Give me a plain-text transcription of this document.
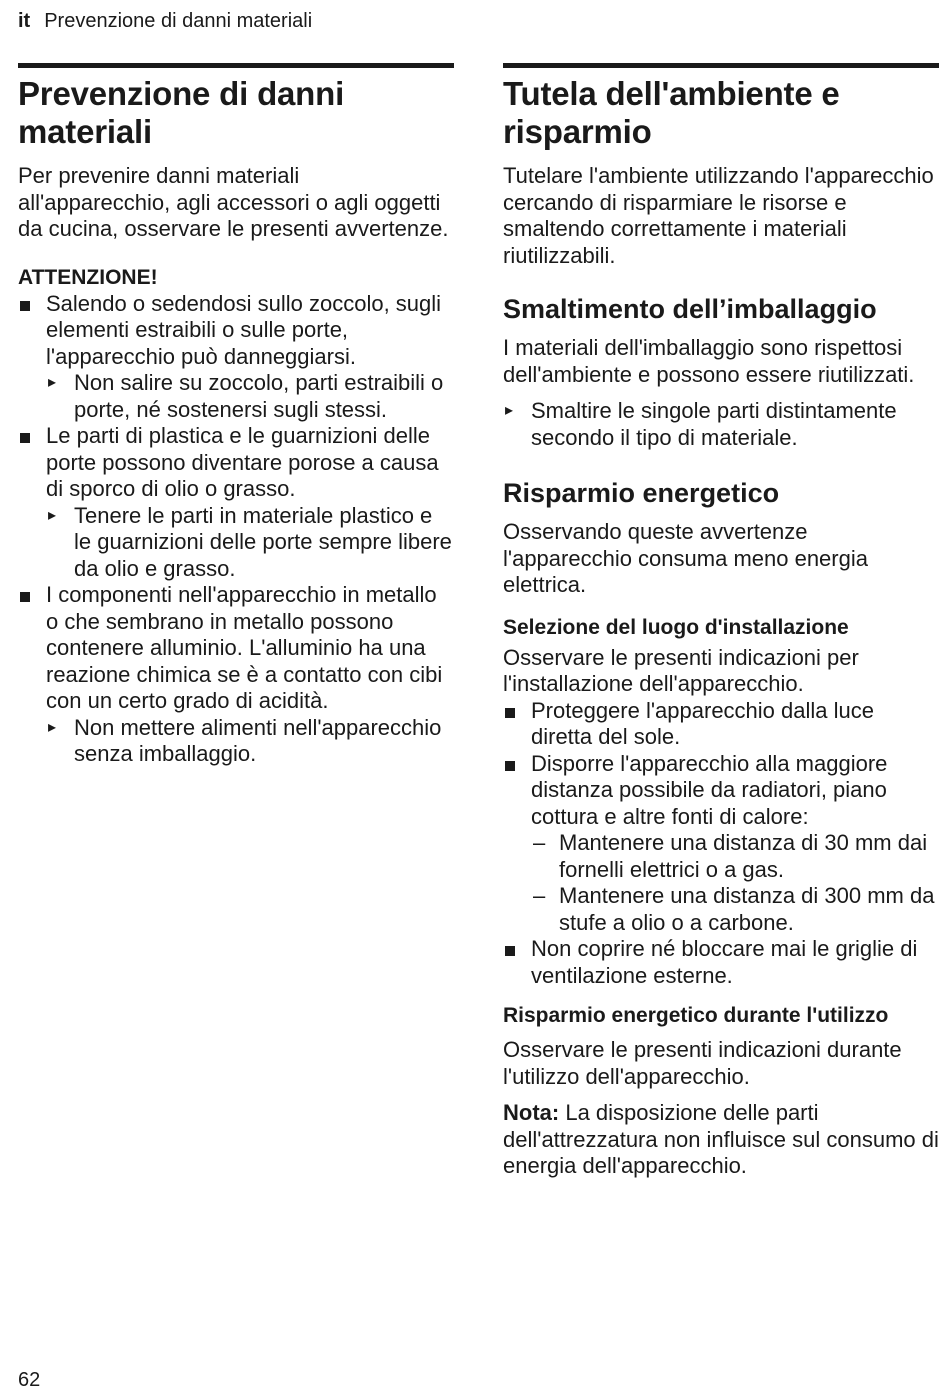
it Prevenzione di danni materiali
Prevenzione di danni materiali

Per prevenire danni materiali all'apparecchio, agli accessori o agli oggetti da cucina, osservare le presenti avvertenze.

ATTENZIONE!
Salendo o sedendosi sullo zoccolo, sugli elementi estraibili o sulle porte, l'apparecchio può danneggiarsi.
▸ Non salire su zoccolo, parti estraibili o porte, né sostenersi sugli stessi.
Le parti di plastica e le guarnizioni delle porte possono diventare porose a causa di sporco di olio o grasso.
▸ Tenere le parti in materiale plastico e le guarnizioni delle porte sempre libere da olio e grasso.
I componenti nell'apparecchio in metallo o che sembrano in metallo possono contenere alluminio. L'alluminio ha una reazione chimica se è a contatto con cibi con un certo grado di acidità.
▸ Non mettere alimenti nell'apparecchio senza imballaggio.
Tutela dell'ambiente e risparmio

Tutelare l'ambiente utilizzando l'apparecchio cercando di risparmiare le risorse e smaltendo correttamente i materiali riutilizzabili.

Smaltimento dell’imballaggio

I materiali dell'imballaggio sono rispettosi dell'ambiente e possono essere riutilizzati.

▸ Smaltire le singole parti distintamente secondo il tipo di materiale.
Risparmio energetico

Osservando queste avvertenze l'apparecchio consuma meno energia elettrica.

Selezione del luogo d'installazione

Osservare le presenti indicazioni per l'installazione dell'apparecchio.

Proteggere l'apparecchio dalla luce diretta del sole.
Disporre l'apparecchio alla maggiore distanza possibile da radiatori, piano cottura e altre fonti di calore:
– Mantenere una distanza di 30 mm dai fornelli elettrici o a gas.
– Mantenere una distanza di 300 mm da stufe a olio o a carbone.
Non coprire né bloccare mai le griglie di ventilazione esterne.
Risparmio energetico durante l'utilizzo

Osservare le presenti indicazioni durante l'utilizzo dell'apparecchio.

Nota: La disposizione delle parti dell'attrezzatura non influisce sul consumo di energia dell'apparecchio.

62
